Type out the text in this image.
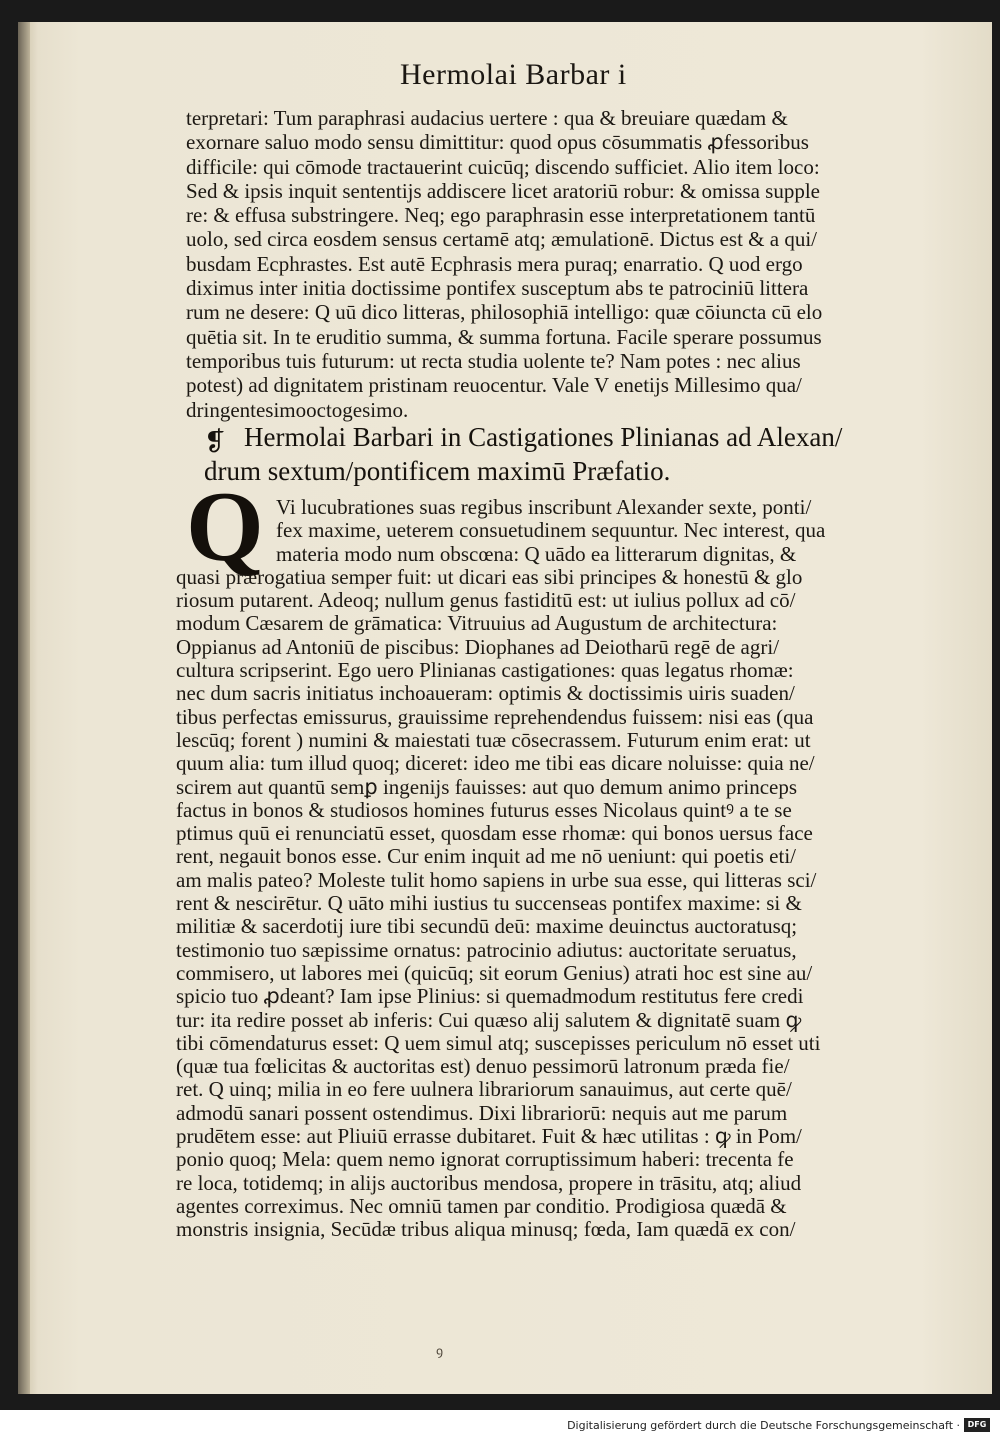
Hermolai Barbar i
terpretari: Tum paraphrasi audacius uertere : qua & breuiare quædam &
exornare saluo modo sensu dimittitur: quod opus cōsummatis ꝓfessoribus
difficile: qui cōmode tractauerint cuicūq; discendo sufficiet. Alio item loco:
Sed & ipsis inquit sententijs addiscere licet aratoriū robur: & omissa supple
re: & effusa substringere. Neq; ego paraphrasin esse interpretationem tantū
uolo, sed circa eosdem sensus certamē atq; æmulationē. Dictus est & a qui/
busdam Ecphrastes. Est autē Ecphrasis mera puraq; enarratio. Q uod ergo
diximus inter initia doctissime pontifex susceptum abs te patrociniū littera
rum ne desere: Q uū dico litteras, philosophiā intelligo: quæ cōiuncta cū elo
quētia sit. In te eruditio summa, & summa fortuna. Facile sperare possumus
temporibus tuis futurum: ut recta studia uolente te? Nam potes : nec alius
potest) ad dignitatem pristinam reuocentur. Vale V enetijs Millesimo qua/
dringentesimooctogesimo.
❡ Hermolai Barbari in Castigationes Plinianas ad Alexan/
drum sextum/pontificem maximū Præfatio.
Q Vi lucubrationes suas regibus inscribunt Alexander sexte, ponti/
fex maxime, ueterem consuetudinem sequuntur. Nec interest, qua
materia modo num obscœna: Q uādo ea litterarum dignitas, &
quasi prærogatiua semper fuit: ut dicari eas sibi principes & honestū & glo
riosum putarent. Adeoq; nullum genus fastiditū est: ut iulius pollux ad cō/
modum Cæsarem de grāmatica: Vitruuius ad Augustum de architectura:
Oppianus ad Antoniū de piscibus: Diophanes ad Deiotharū regē de agri/
cultura scripserint. Ego uero Plinianas castigationes: quas legatus rhomæ:
nec dum sacris initiatus inchoaueram: optimis & doctissimis uiris suaden/
tibus perfectas emissurus, grauissime reprehendendus fuissem: nisi eas (qua
lescūq; forent ) numini & maiestati tuæ cōsecrassem. Futurum enim erat: ut
quum alia: tum illud quoq; diceret: ideo me tibi eas dicare noluisse: quia ne/
scirem aut quantū semꝑ ingenijs fauisses: aut quo demum animo princeps
factus in bonos & studiosos homines futurus esses Nicolaus quintꝰ a te se
ptimus quū ei renunciatū esset, quosdam esse rhomæ: qui bonos uersus face
rent, negauit bonos esse. Cur enim inquit ad me nō ueniunt: qui poetis eti/
am malis pateo? Moleste tulit homo sapiens in urbe sua esse, qui litteras sci/
rent & nescirētur. Q uāto mihi iustius tu succenseas pontifex maxime: si &
militiæ & sacerdotij iure tibi secundū deū: maxime deuinctus auctoratusq;
testimonio tuo sæpissime ornatus: patrocinio adiutus: auctoritate seruatus,
commisero, ut labores mei (quicūq; sit eorum Genius) atrati hoc est sine au/
spicio tuo ꝓdeant? Iam ipse Plinius: si quemadmodum restitutus fere credi
tur: ita redire posset ab inferis: Cui quæso alij salutem & dignitatē suam ꝙ
tibi cōmendaturus esset: Q uem simul atq; suscepisses periculum nō esset uti
(quæ tua fœlicitas & auctoritas est) denuo pessimorū latronum præda fie/
ret. Q uinq; milia in eo fere uulnera librariorum sanauimus, aut certe quē/
admodū sanari possent ostendimus. Dixi librariorū: nequis aut me parum
prudētem esse: aut Pliuiū errasse dubitaret. Fuit & hæc utilitas : ꝙ in Pom/
ponio quoq; Mela: quem nemo ignorat corruptissimum haberi: trecenta fe
re loca, totidemq; in alijs auctoribus mendosa, propere in trāsitu, atq; aliud
agentes correximus. Nec omniū tamen par conditio. Prodigiosa quædā &
monstris insignia, Secūdæ tribus aliqua minusq; fœda, Iam quædā ex con/
ꝯ
Digitalisierung gefördert durch die Deutsche Forschungsgemeinschaft · DFG
